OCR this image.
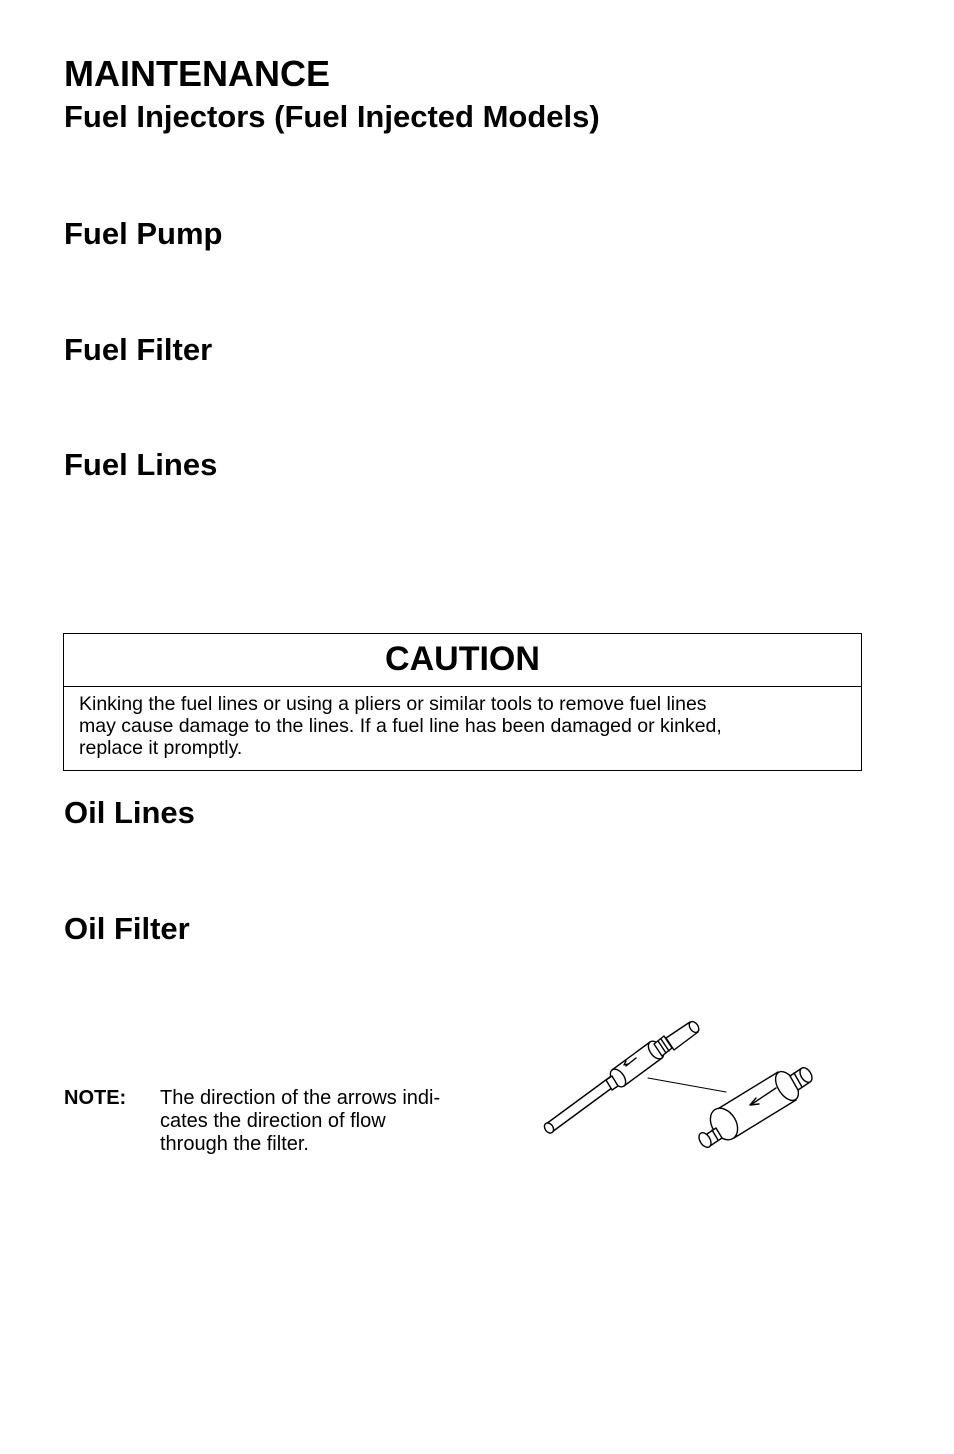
MAINTENANCE
Fuel Injectors (Fuel Injected Models)
Fuel Pump
Fuel Filter
Fuel Lines
CAUTION
Kinking the fuel lines or using a pliers or similar tools to remove fuel lines
may cause damage to the lines. If a fuel line has been damaged or kinked,
replace it promptly.
Oil Lines
Oil Filter
NOTE: The direction of the arrows indi-
cates the direction of flow
through the filter.
